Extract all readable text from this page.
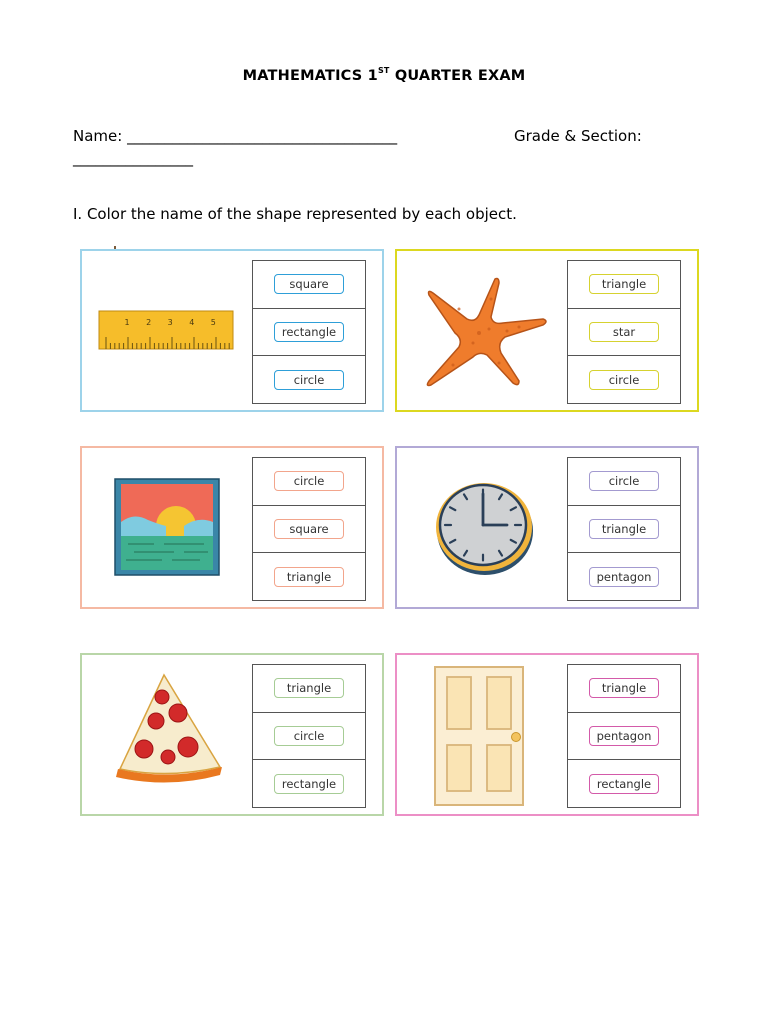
MATHEMATICS 1ST QUARTER EXAM
Name: ____________________________________	Grade & Section:
________________
I. Color the name of the shape represented by each object.
1 2 3 4 5
square
rectangle
circle
triangle
star
circle
circle
square
triangle
circle
triangle
pentagon
triangle
circle
rectangle
triangle
pentagon
rectangle
